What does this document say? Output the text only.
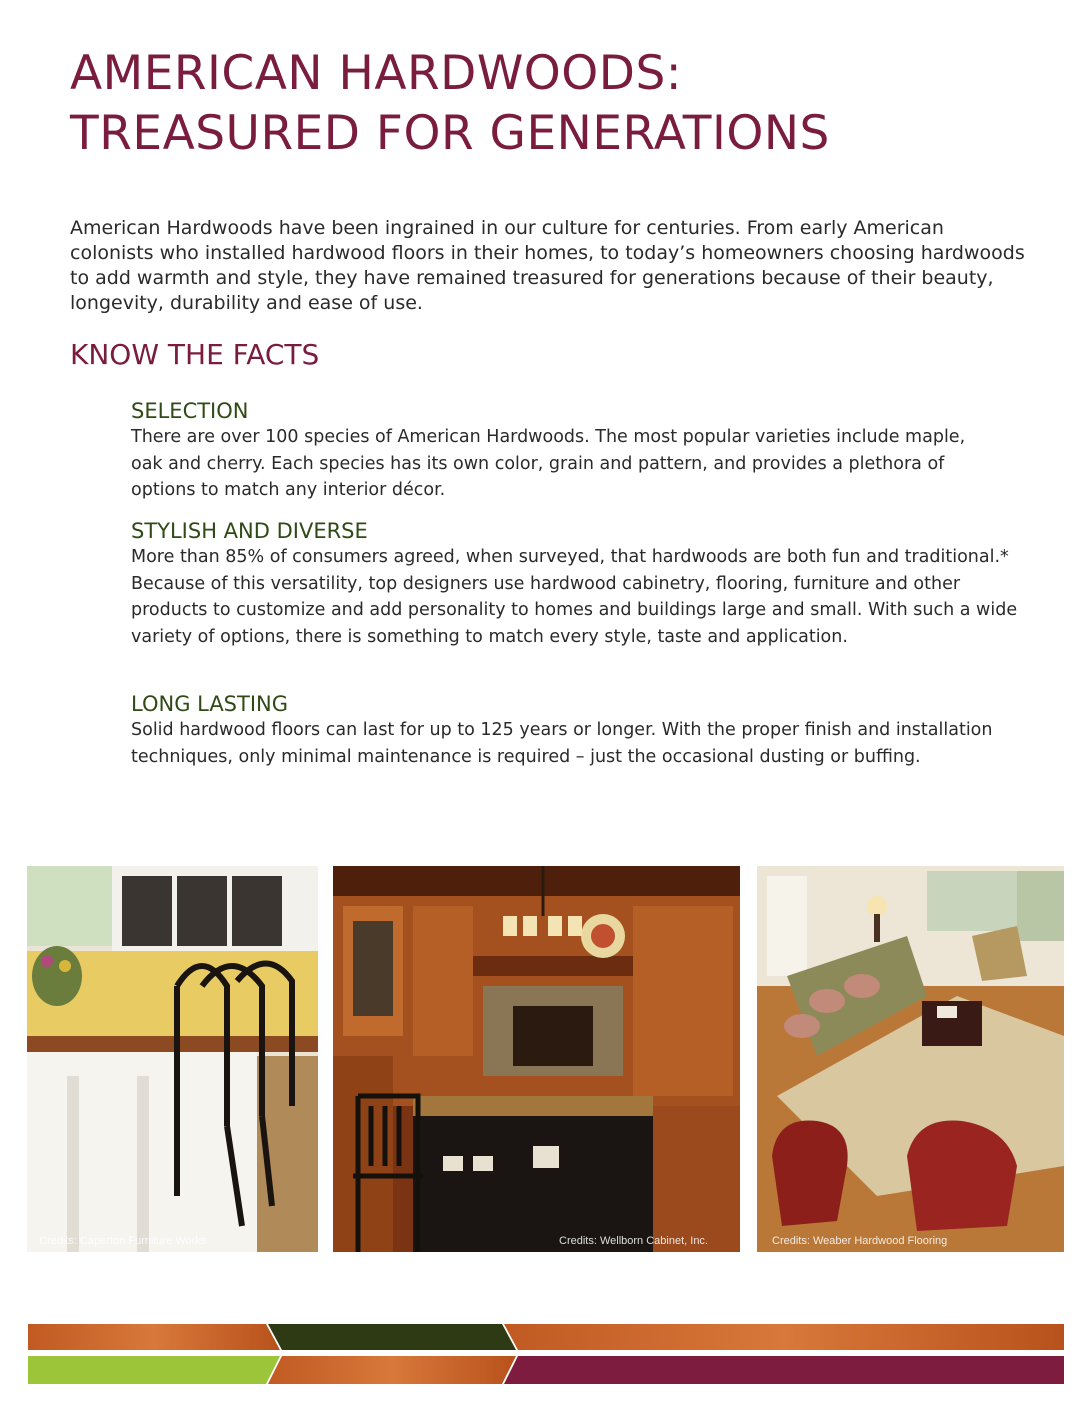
AMERICAN HARDWOODS:
TREASURED FOR GENERATIONS
American Hardwoods have been ingrained in our culture for centuries. From early American colonists who installed hardwood floors in their homes, to today’s homeowners choosing hardwoods to add warmth and style, they have remained treasured for generations because of their beauty, longevity, durability and ease of use.
KNOW THE FACTS
SELECTION

There are over 100 species of American Hardwoods. The most popular varieties include maple, oak and cherry. Each species has its own color, grain and pattern, and provides a plethora of options to match any interior décor.

STYLISH AND DIVERSE

More than 85% of consumers agreed, when surveyed, that hardwoods are both fun and traditional.* Because of this versatility, top designers use hardwood cabinetry, flooring, furniture and other products to customize and add personality to homes and buildings large and small. With such a wide variety of options, there is something to match every style, taste and application.

LONG LASTING

Solid hardwood floors can last for up to 125 years or longer. With the proper finish and installation techniques, only minimal maintenance is required – just the occasional dusting or buffing.

Credits: Caperton Furniture Works	Credits: Wellborn Cabinet, Inc.	Credits: Weaber Hardwood Flooring
